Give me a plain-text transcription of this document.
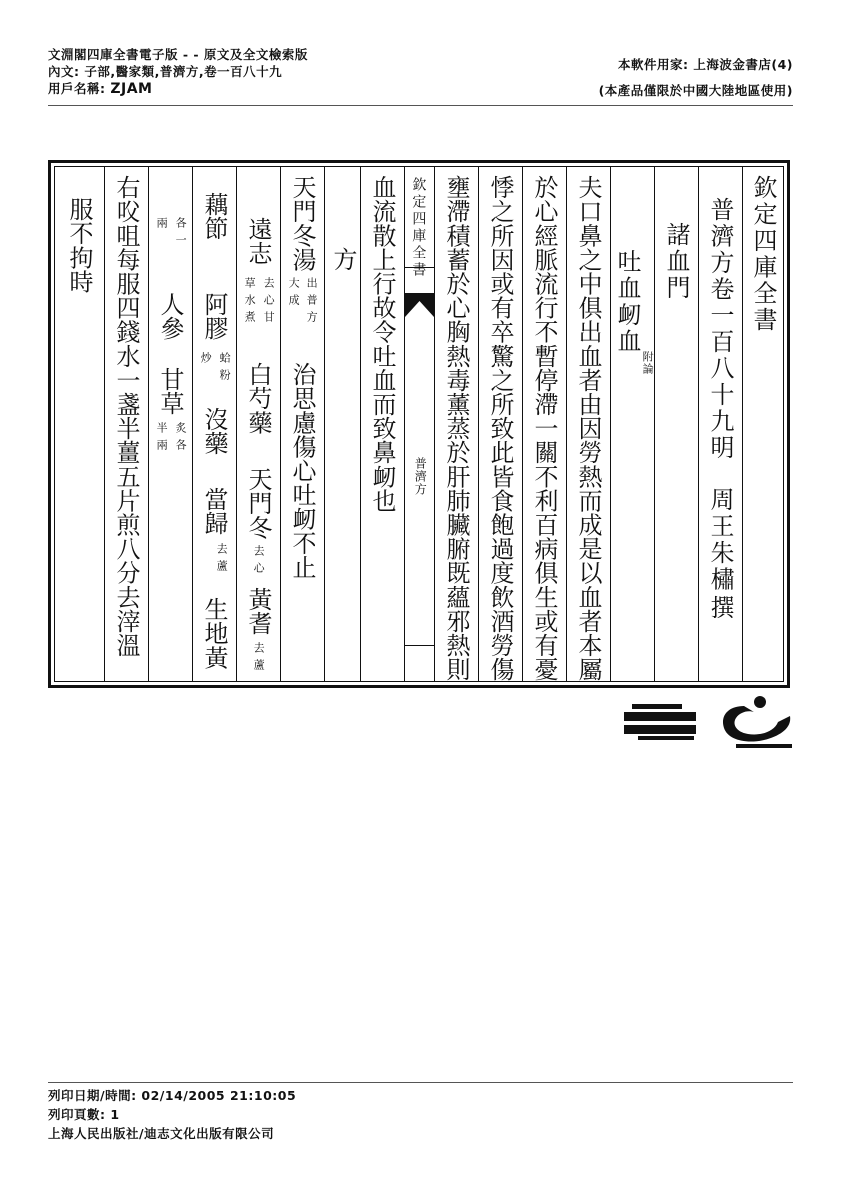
文淵閣四庫全書電子版 - - 原文及全文檢索版
內文: 子部,醫家類,普濟方,卷一百八十九
用戶名稱: ZJAM
本軟件用家: 上海波金書店(4)
(本產品僅限於中國大陸地區使用)
欽定四庫全書
普濟方卷一百八十九
明
周王朱橚
撰
諸血門
吐血衂血
附論
夫口鼻之中俱出血者由因勞熱而成是以血者本屬
於心經脈流行不暫停滯一關不利百病俱生或有憂
悸之所因或有卒驚之所致此皆食飽過度飲酒勞傷
壅滯積蓄於心胸熱毒薰蒸於肝肺臟腑既蘊邪熱則
欽定四庫全書
普濟方
血流散上行故令吐血而致鼻衂也
方
天門冬湯
出普方
大成
治思慮傷心吐衂不止
遠志
去心甘
草水煮
白芍藥
天門冬
去心
黃耆
去蘆
藕節
阿膠
蛤粉
炒
沒藥
當歸
去蘆
生地黃
各一
兩
人參
甘草
炙各
半兩
右㕮咀每服四錢水一盞半薑五片煎八分去滓溫
服不拘時
列印日期/時間: 02/14/2005 21:10:05
列印頁數: 1
上海人民出版社/迪志文化出版有限公司
